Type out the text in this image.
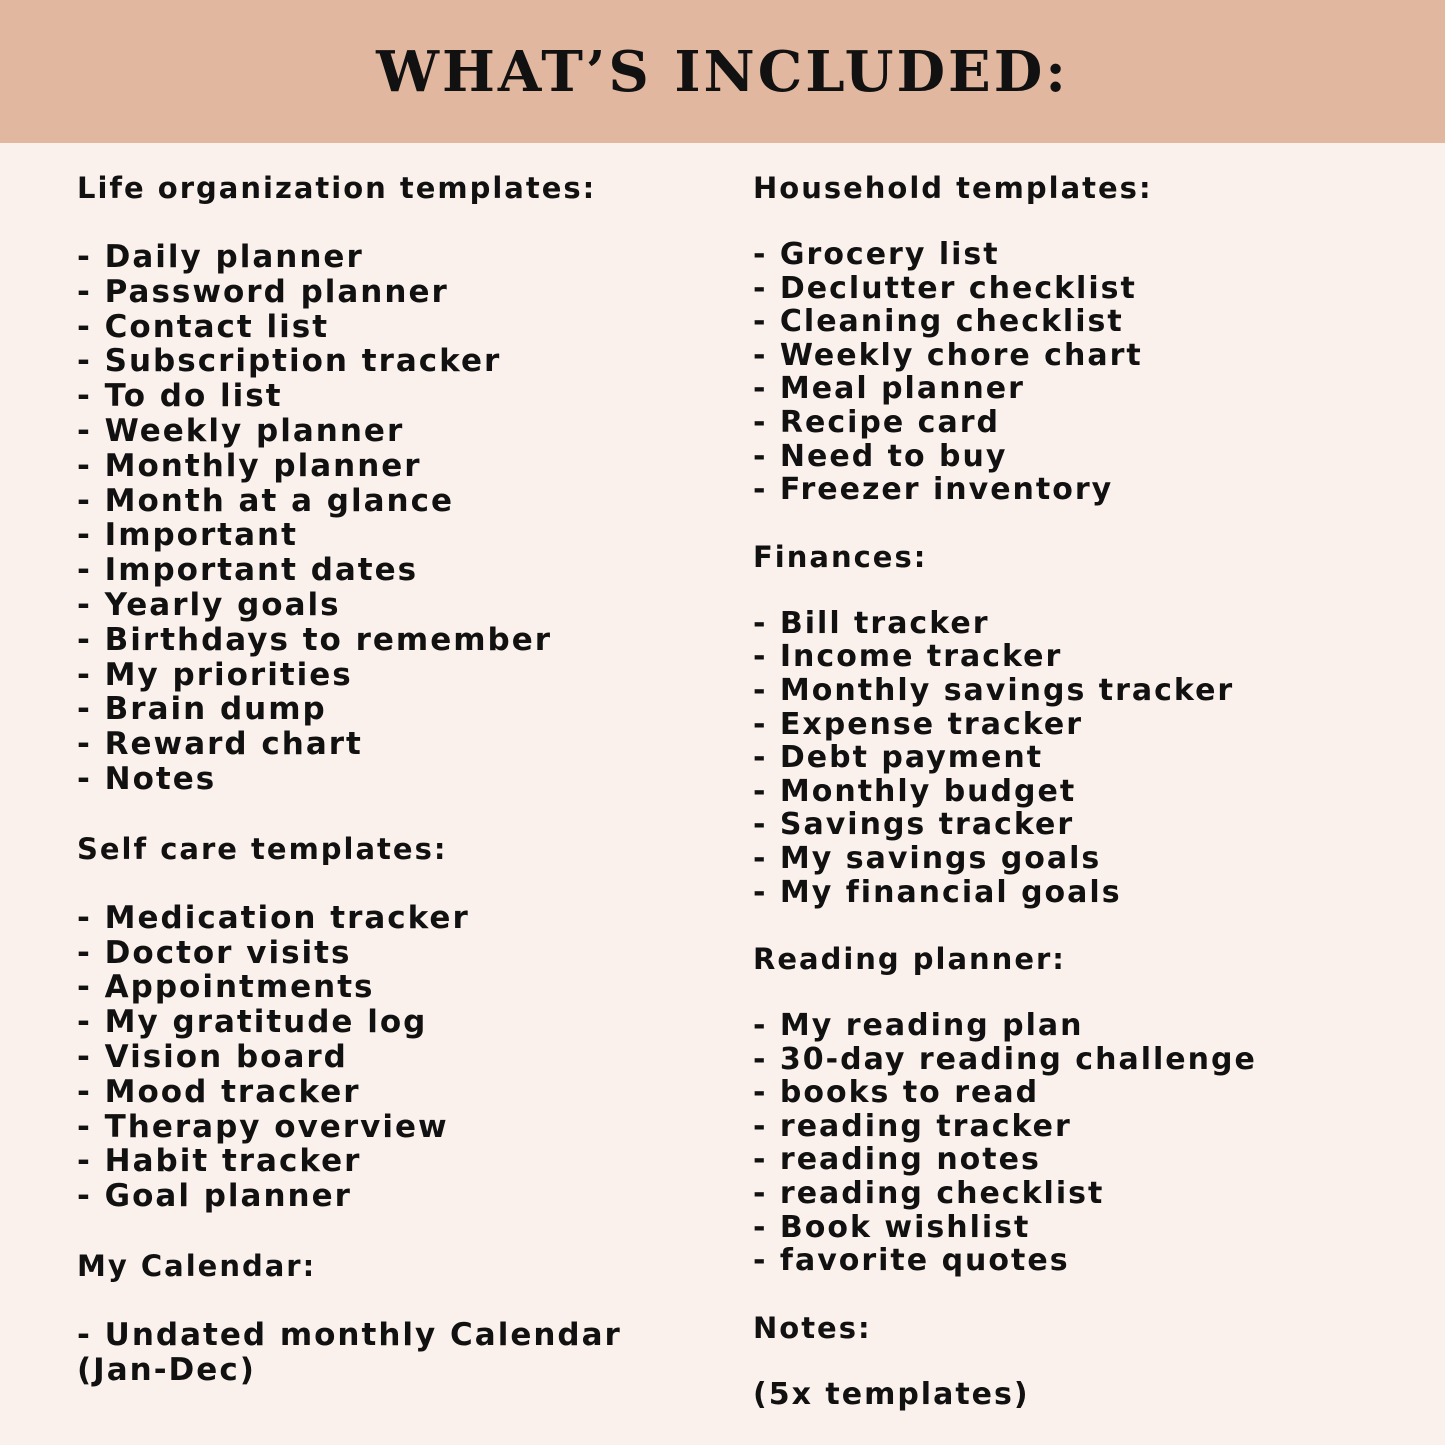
WHAT’S INCLUDED:

Life organization templates:

- Daily planner

- Password planner

- Contact list

- Subscription tracker

- To do list

- Weekly planner

- Monthly planner

- Month at a glance

- Important

- Important dates

- Yearly goals

- Birthdays to remember

- My priorities

- Brain dump

- Reward chart

- Notes

Self care templates:

- Medication tracker

- Doctor visits

- Appointments

- My gratitude log

- Vision board

- Mood tracker

- Therapy overview

- Habit tracker

- Goal planner

My Calendar:

- Undated monthly Calendar

(Jan-Dec)

Household templates:

- Grocery list

- Declutter checklist

- Cleaning checklist

- Weekly chore chart

- Meal planner

- Recipe card

- Need to buy

- Freezer inventory

Finances:

- Bill tracker

- Income tracker

- Monthly savings tracker

- Expense tracker

- Debt payment

- Monthly budget

- Savings tracker

- My savings goals

- My financial goals

Reading planner:

- My reading plan

- 30-day reading challenge

- books to read

- reading tracker

- reading notes

- reading checklist

- Book wishlist

- favorite quotes

Notes:

(5x templates)
